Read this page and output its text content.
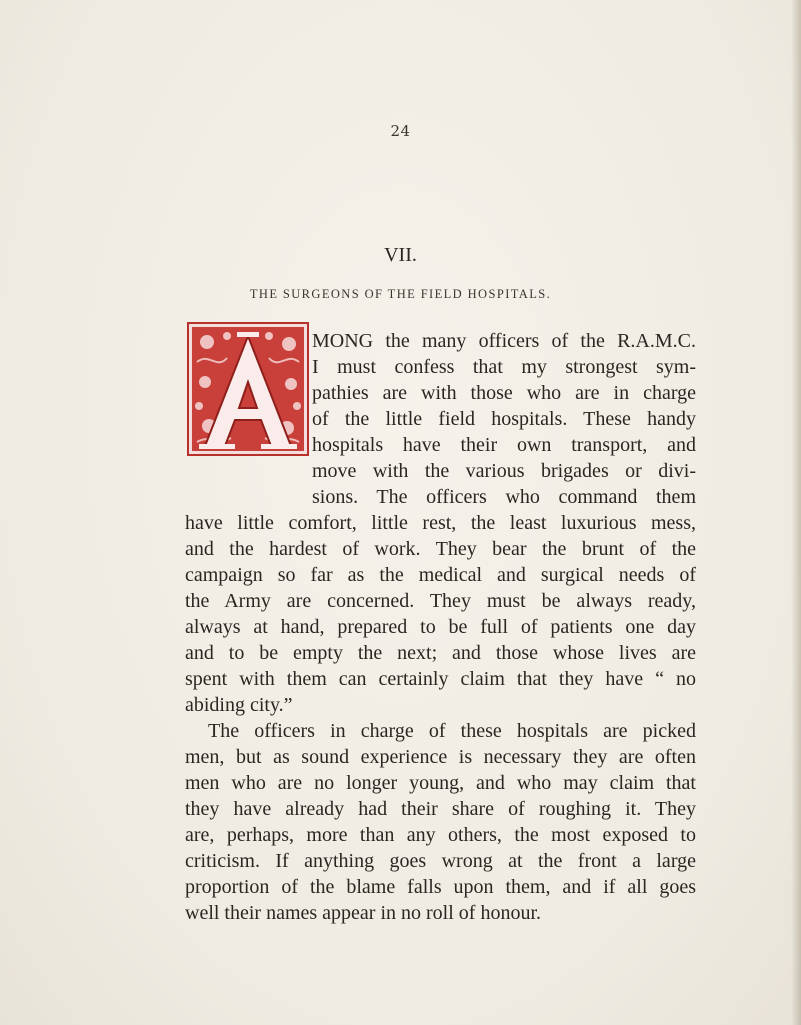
24
VII.
THE SURGEONS OF THE FIELD HOSPITALS.
MONG the many officers of the R.A.M.C.
I must confess that my strongest sym-
pathies are with those who are in charge
of the little field hospitals. These handy
hospitals have their own transport, and
move with the various brigades or divi-
sions. The officers who command them
have little comfort, little rest, the least luxurious mess,
and the hardest of work. They bear the brunt of the
campaign so far as the medical and surgical needs of
the Army are concerned. They must be always ready,
always at hand, prepared to be full of patients one day
and to be empty the next; and those whose lives are
spent with them can certainly claim that they have “ no
abiding city.”
The officers in charge of these hospitals are picked
men, but as sound experience is necessary they are often
men who are no longer young, and who may claim that
they have already had their share of roughing it. They
are, perhaps, more than any others, the most exposed to
criticism. If anything goes wrong at the front a large
proportion of the blame falls upon them, and if all goes
well their names appear in no roll of honour.
